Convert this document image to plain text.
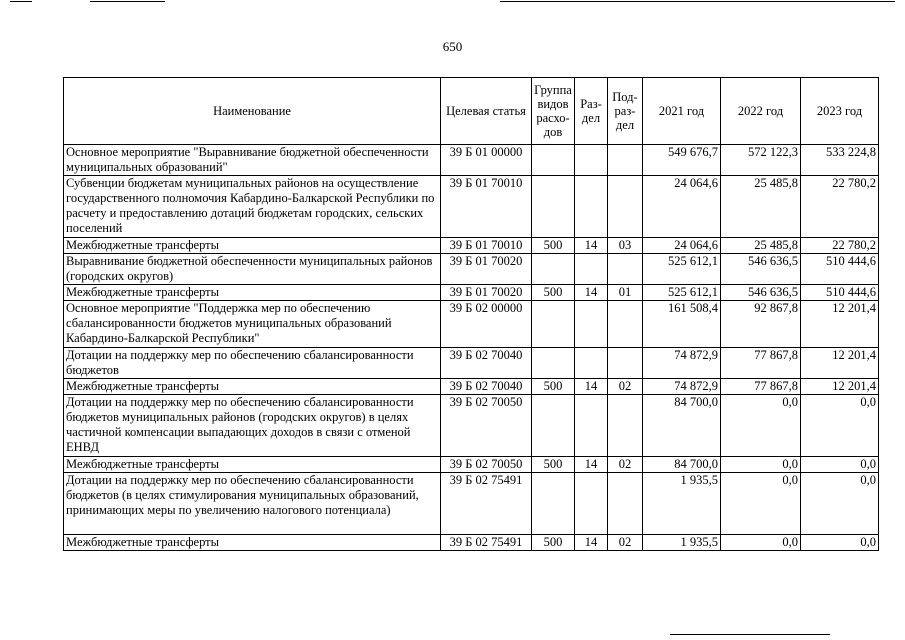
650
Наименование	Целевая статья	Группа видов расхо-дов	Раз-дел	Под-раз-дел	2021 год	2022 год	2023 год
Основное мероприятие "Выравнивание бюджетной обеспеченности муниципальных образований"	39 Б 01 00000				549 676,7	572 122,3	533 224,8
Субвенции бюджетам муниципальных районов на осуществление государственного полномочия Кабардино-Балкарской Республики по расчету и предоставлению дотаций бюджетам городских, сельских поселений	39 Б 01 70010				24 064,6	25 485,8	22 780,2
Межбюджетные трансферты	39 Б 01 70010	500	14	03	24 064,6	25 485,8	22 780,2
Выравнивание бюджетной обеспеченности муниципальных районов (городских округов)	39 Б 01 70020				525 612,1	546 636,5	510 444,6
Межбюджетные трансферты	39 Б 01 70020	500	14	01	525 612,1	546 636,5	510 444,6
Основное мероприятие "Поддержка мер по обеспечению сбалансированности бюджетов муниципальных образований Кабардино-Балкарской Республики"	39 Б 02 00000				161 508,4	92 867,8	12 201,4
Дотации на поддержку мер по обеспечению сбалансированности бюджетов	39 Б 02 70040				74 872,9	77 867,8	12 201,4
Межбюджетные трансферты	39 Б 02 70040	500	14	02	74 872,9	77 867,8	12 201,4
Дотации на поддержку мер по обеспечению сбалансированности бюджетов муниципальных районов (городских округов) в целях частичной компенсации выпадающих доходов в связи с отменой ЕНВД	39 Б 02 70050				84 700,0	0,0	0,0
Межбюджетные трансферты	39 Б 02 70050	500	14	02	84 700,0	0,0	0,0
Дотации на поддержку мер по обеспечению сбалансированности бюджетов (в целях стимулирования муниципальных образований, принимающих меры по увеличению налогового потенциала)	39 Б 02 75491				1 935,5	0,0	0,0
Межбюджетные трансферты	39 Б 02 75491	500	14	02	1 935,5	0,0	0,0
